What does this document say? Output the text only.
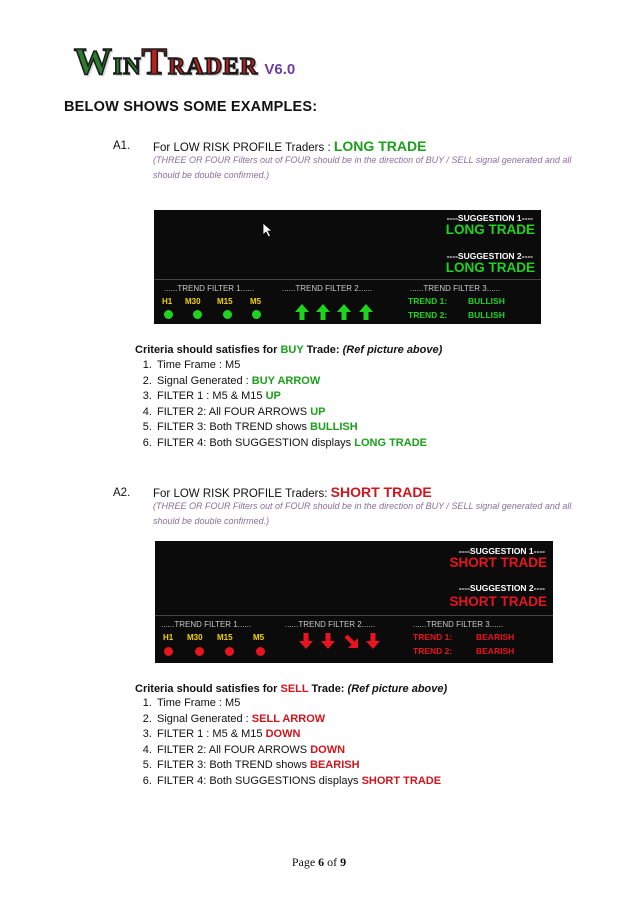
WINTRADER V6.0
BELOW SHOWS SOME EXAMPLES:
A1. For LOW RISK PROFILE Traders : LONG TRADE
(THREE OR FOUR Filters out of FOUR should be in the direction of BUY / SELL signal generated and all should be double confirmed.)
----SUGGESTION 1----
LONG TRADE
----SUGGESTION 2----
LONG TRADE
......TREND FILTER 1......	......TREND FILTER 2......	......TREND FILTER 3......
H1 M30 M15 M5	TREND 1: BULLISH
TREND 2: BULLISH
Criteria should satisfies for BUY Trade: (Ref picture above)
1. Time Frame : M5
2. Signal Generated : BUY ARROW
3. FILTER 1 : M5 & M15 UP
4. FILTER 2: All FOUR ARROWS UP
5. FILTER 3: Both TREND shows BULLISH
6. FILTER 4: Both SUGGESTION displays LONG TRADE
A2. For LOW RISK PROFILE Traders: SHORT TRADE
(THREE OR FOUR Filters out of FOUR should be in the direction of BUY / SELL signal generated and all should be double confirmed.)
----SUGGESTION 1----
SHORT TRADE
----SUGGESTION 2----
SHORT TRADE
......TREND FILTER 1......	......TREND FILTER 2......	......TREND FILTER 3......
H1 M30 M15	M5	TREND 1:	BEARISH
TREND 2:	BEARISH
Criteria should satisfies for SELL Trade: (Ref picture above)
1. Time Frame : M5
2. Signal Generated : SELL ARROW
3. FILTER 1 : M5 & M15 DOWN
4. FILTER 2: All FOUR ARROWS DOWN
5. FILTER 3: Both TREND shows BEARISH
6. FILTER 4: Both SUGGESTIONS displays SHORT TRADE
Page 6 of 9
